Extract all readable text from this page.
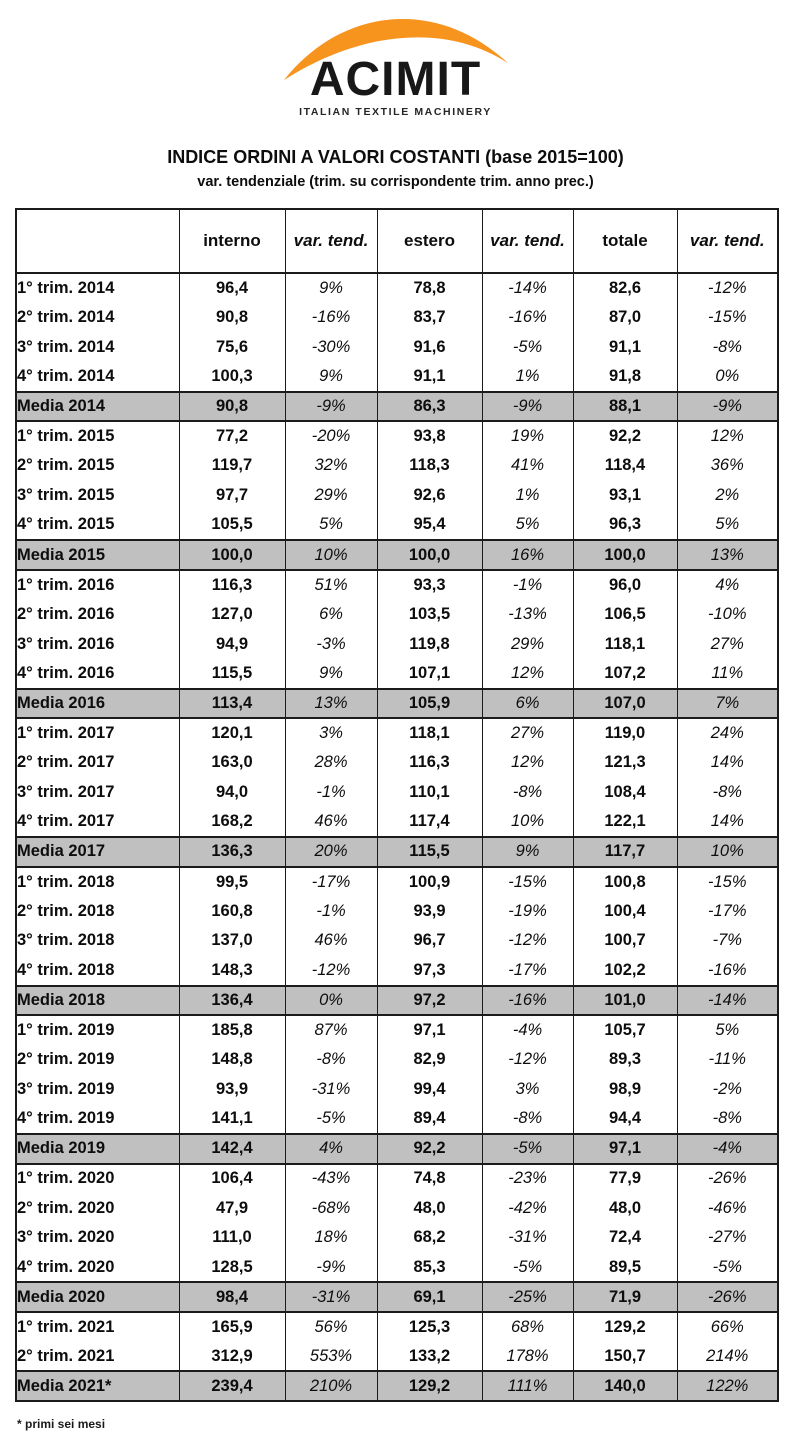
ACIMIT
ITALIAN TEXTILE MACHINERY
INDICE ORDINI A VALORI COSTANTI (base 2015=100)
var. tendenziale (trim. su corrispondente trim. anno prec.)
	interno	var. tend.	estero	var. tend.	totale	var. tend.
1° trim. 2014	96,4	9%	78,8	-14%	82,6	-12%
2° trim. 2014	90,8	-16%	83,7	-16%	87,0	-15%
3° trim. 2014	75,6	-30%	91,6	-5%	91,1	-8%
4° trim. 2014	100,3	9%	91,1	1%	91,8	0%
Media 2014	90,8	-9%	86,3	-9%	88,1	-9%
1° trim. 2015	77,2	-20%	93,8	19%	92,2	12%
2° trim. 2015	119,7	32%	118,3	41%	118,4	36%
3° trim. 2015	97,7	29%	92,6	1%	93,1	2%
4° trim. 2015	105,5	5%	95,4	5%	96,3	5%
Media 2015	100,0	10%	100,0	16%	100,0	13%
1° trim. 2016	116,3	51%	93,3	-1%	96,0	4%
2° trim. 2016	127,0	6%	103,5	-13%	106,5	-10%
3° trim. 2016	94,9	-3%	119,8	29%	118,1	27%
4° trim. 2016	115,5	9%	107,1	12%	107,2	11%
Media 2016	113,4	13%	105,9	6%	107,0	7%
1° trim. 2017	120,1	3%	118,1	27%	119,0	24%
2° trim. 2017	163,0	28%	116,3	12%	121,3	14%
3° trim. 2017	94,0	-1%	110,1	-8%	108,4	-8%
4° trim. 2017	168,2	46%	117,4	10%	122,1	14%
Media 2017	136,3	20%	115,5	9%	117,7	10%
1° trim. 2018	99,5	-17%	100,9	-15%	100,8	-15%
2° trim. 2018	160,8	-1%	93,9	-19%	100,4	-17%
3° trim. 2018	137,0	46%	96,7	-12%	100,7	-7%
4° trim. 2018	148,3	-12%	97,3	-17%	102,2	-16%
Media 2018	136,4	0%	97,2	-16%	101,0	-14%
1° trim. 2019	185,8	87%	97,1	-4%	105,7	5%
2° trim. 2019	148,8	-8%	82,9	-12%	89,3	-11%
3° trim. 2019	93,9	-31%	99,4	3%	98,9	-2%
4° trim. 2019	141,1	-5%	89,4	-8%	94,4	-8%
Media 2019	142,4	4%	92,2	-5%	97,1	-4%
1° trim. 2020	106,4	-43%	74,8	-23%	77,9	-26%
2° trim. 2020	47,9	-68%	48,0	-42%	48,0	-46%
3° trim. 2020	111,0	18%	68,2	-31%	72,4	-27%
4° trim. 2020	128,5	-9%	85,3	-5%	89,5	-5%
Media 2020	98,4	-31%	69,1	-25%	71,9	-26%
1° trim. 2021	165,9	56%	125,3	68%	129,2	66%
2° trim. 2021	312,9	553%	133,2	178%	150,7	214%
Media 2021*	239,4	210%	129,2	111%	140,0	122%
* primi sei mesi
